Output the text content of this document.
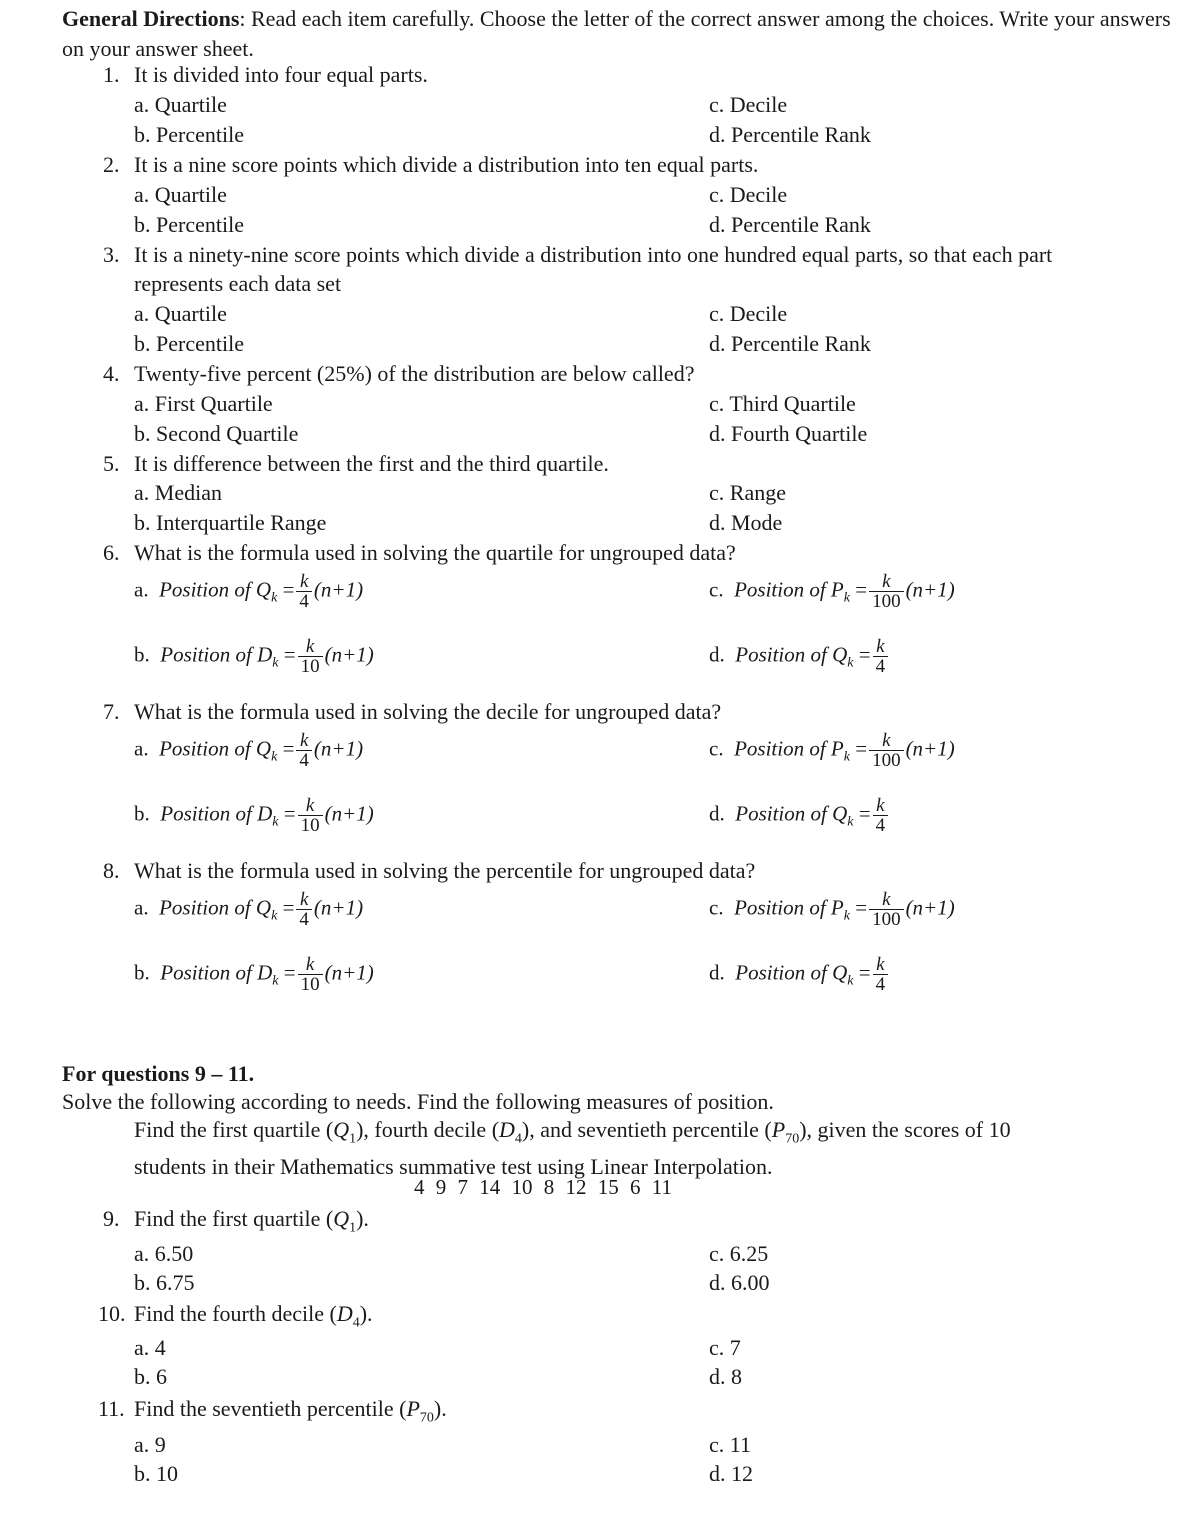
General Directions: Read each item carefully. Choose the letter of the correct answer among the choices. Write your answers on your answer sheet.
1. It is divided into four equal parts.
a. Quartile
b. Percentile
c. Decile
d. Percentile Rank
2. It is a nine score points which divide a distribution into ten equal parts.
a. Quartile
b. Percentile
c. Decile
d. Percentile Rank
3. It is a ninety-nine score points which divide a distribution into one hundred equal parts, so that each part
represents each data set
a. Quartile
b. Percentile
c. Decile
d. Percentile Rank
4. Twenty-five percent (25%) of the distribution are below called?
a. First Quartile
b. Second Quartile
c. Third Quartile
d. Fourth Quartile
5. It is difference between the first and the third quartile.
a. Median
b. Interquartile Range
c. Range
d. Mode
6. What is the formula used in solving the quartile for ungrouped data?
a. Position of $Q_k = \frac{k}{4} (n+1)$	c. Position of $P_k = \frac{k}{100} (n+1)$
b. Position of $D_k = \frac{k}{10} (n+1)$	d. Position of $Q_k = \frac{k}{4}$
7. What is the formula used in solving the decile for ungrouped data?
a. Position of $Q_k = \frac{k}{4} (n+1)$	c. Position of $P_k = \frac{k}{100} (n+1)$
b. Position of $D_k = \frac{k}{10} (n+1)$	d. Position of $Q_k = \frac{k}{4}$
8. What is the formula used in solving the percentile for ungrouped data?
a. Position of $Q_k = \frac{k}{4} (n+1)$	c. Position of $P_k = \frac{k}{100} (n+1)$
b. Position of $D_k = \frac{k}{10} (n+1)$	d. Position of $Q_k = \frac{k}{4}$
For questions 9 – 11.
Solve the following according to needs. Find the following measures of position.
Find the first quartile $(Q_1)$, fourth decile $(D_4)$, and seventieth percentile $(P_{70})$, given the scores of 10
students in their Mathematics summative test using Linear Interpolation.
4 9 7 14 10 8 12 15 6 11
9. Find the first quartile $(Q_1)$.
a. 6.50
b. 6.75
c. 6.25
d. 6.00
10. Find the fourth decile $(D_4)$.
a. 4
b. 6
c. 7
d. 8
11. Find the seventieth percentile $(P_{70})$.
a. 9
b. 10
c. 11
d. 12
